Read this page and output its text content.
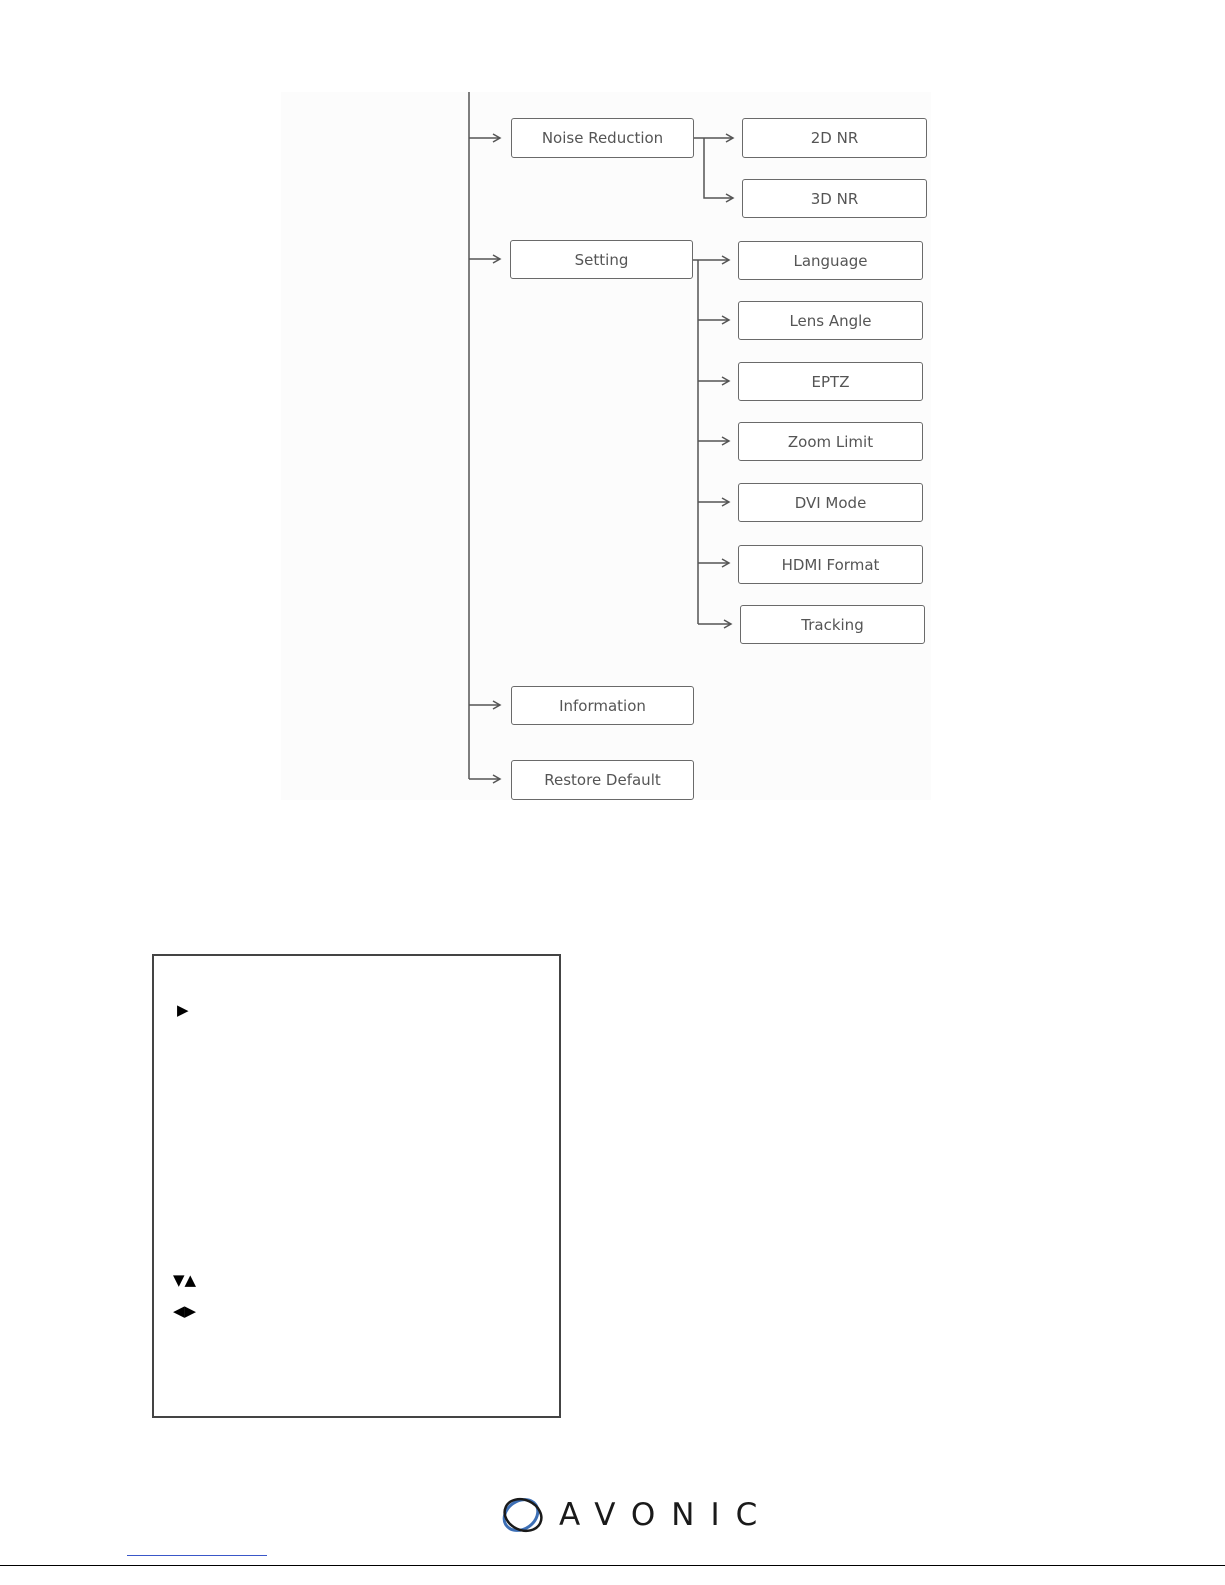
Noise Reduction
Setting
Information
Restore Default
2D NR
3D NR
Language
Lens Angle
EPTZ
Zoom Limit
DVI Mode
HDMI Format
Tracking
▶
▼▲
◀▶
AVONIC
